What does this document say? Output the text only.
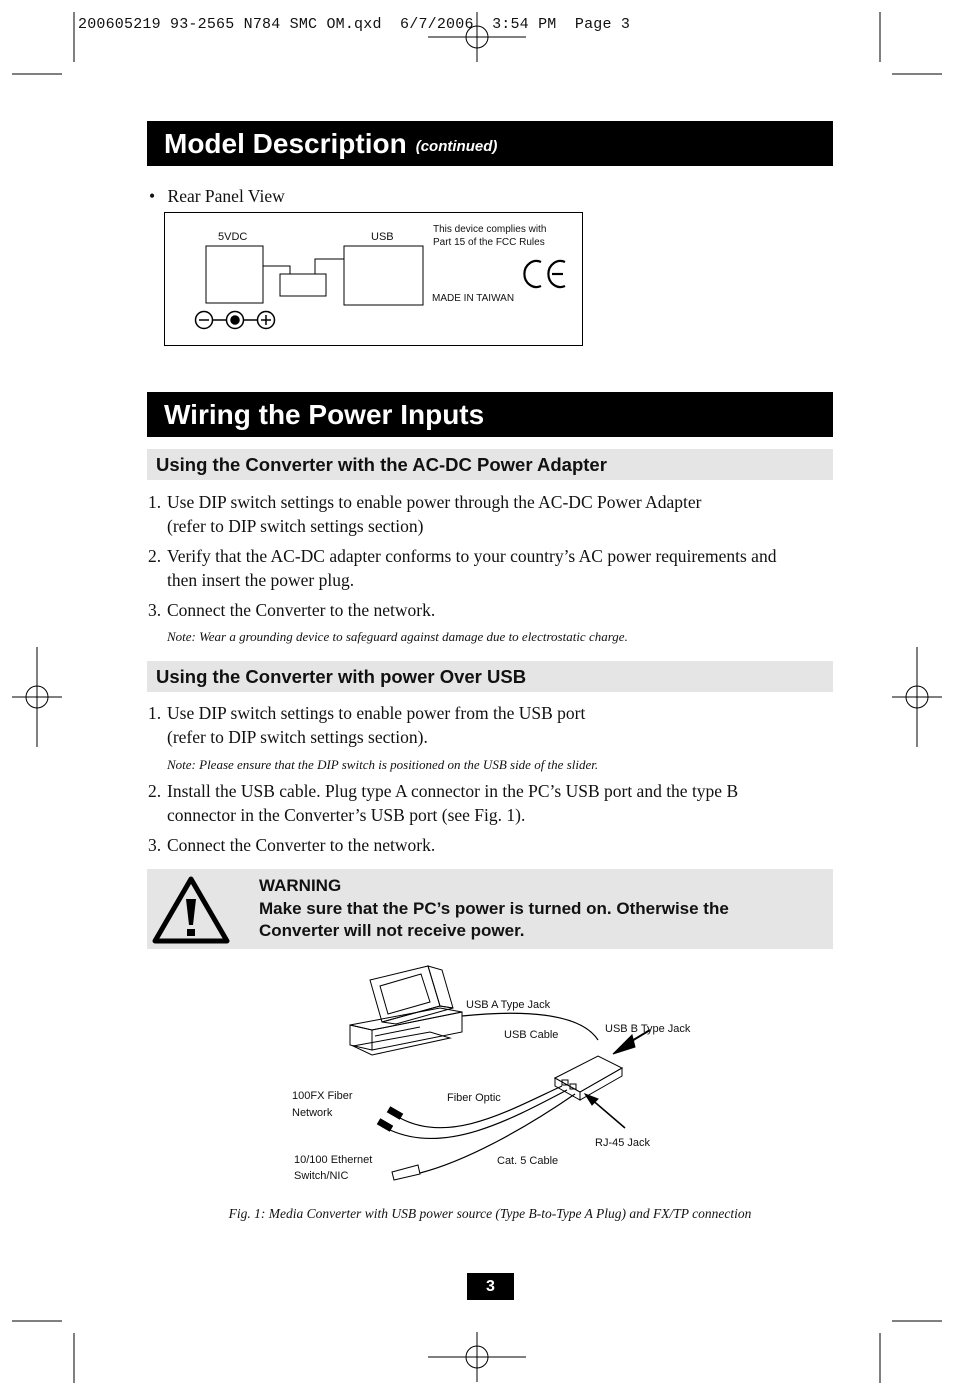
200605219 93-2565 N784 SMC OM.qxd  6/7/2006  3:54 PM  Page 3
Model Description (continued)
• Rear Panel View
5VDC	USB
This device complies with
Part 15 of the FCC Rules
MADE IN TAIWAN
Wiring the Power Inputs
Using the Converter with the AC-DC Power Adapter
1. Use DIP switch settings to enable power through the AC-DC Power Adapter
(refer to DIP switch settings section)
2. Verify that the AC-DC adapter conforms to your country’s AC power requirements and
then insert the power plug.
3. Connect the Converter to the network.
Note: Wear a grounding device to safeguard against damage due to electrostatic charge.
Using the Converter with power Over USB
1. Use DIP switch settings to enable power from the USB port
(refer to DIP switch settings section).
Note: Please ensure that the DIP switch is positioned on the USB side of the slider.
2. Install the USB cable. Plug type A connector in the PC’s USB port and the type B
connector in the Converter’s USB port (see Fig. 1).
3. Connect the Converter to the network.
WARNING
Make sure that the PC’s power is turned on. Otherwise the
Converter will not receive power.
USB A Type Jack
USB Cable	USB B Type Jack
100FX Fiber
Network
Fiber Optic
RJ-45 Jack
10/100 Ethernet
Switch/NIC
Cat. 5 Cable
Fig. 1: Media Converter with USB power source (Type B-to-Type A Plug) and FX/TP connection
3
